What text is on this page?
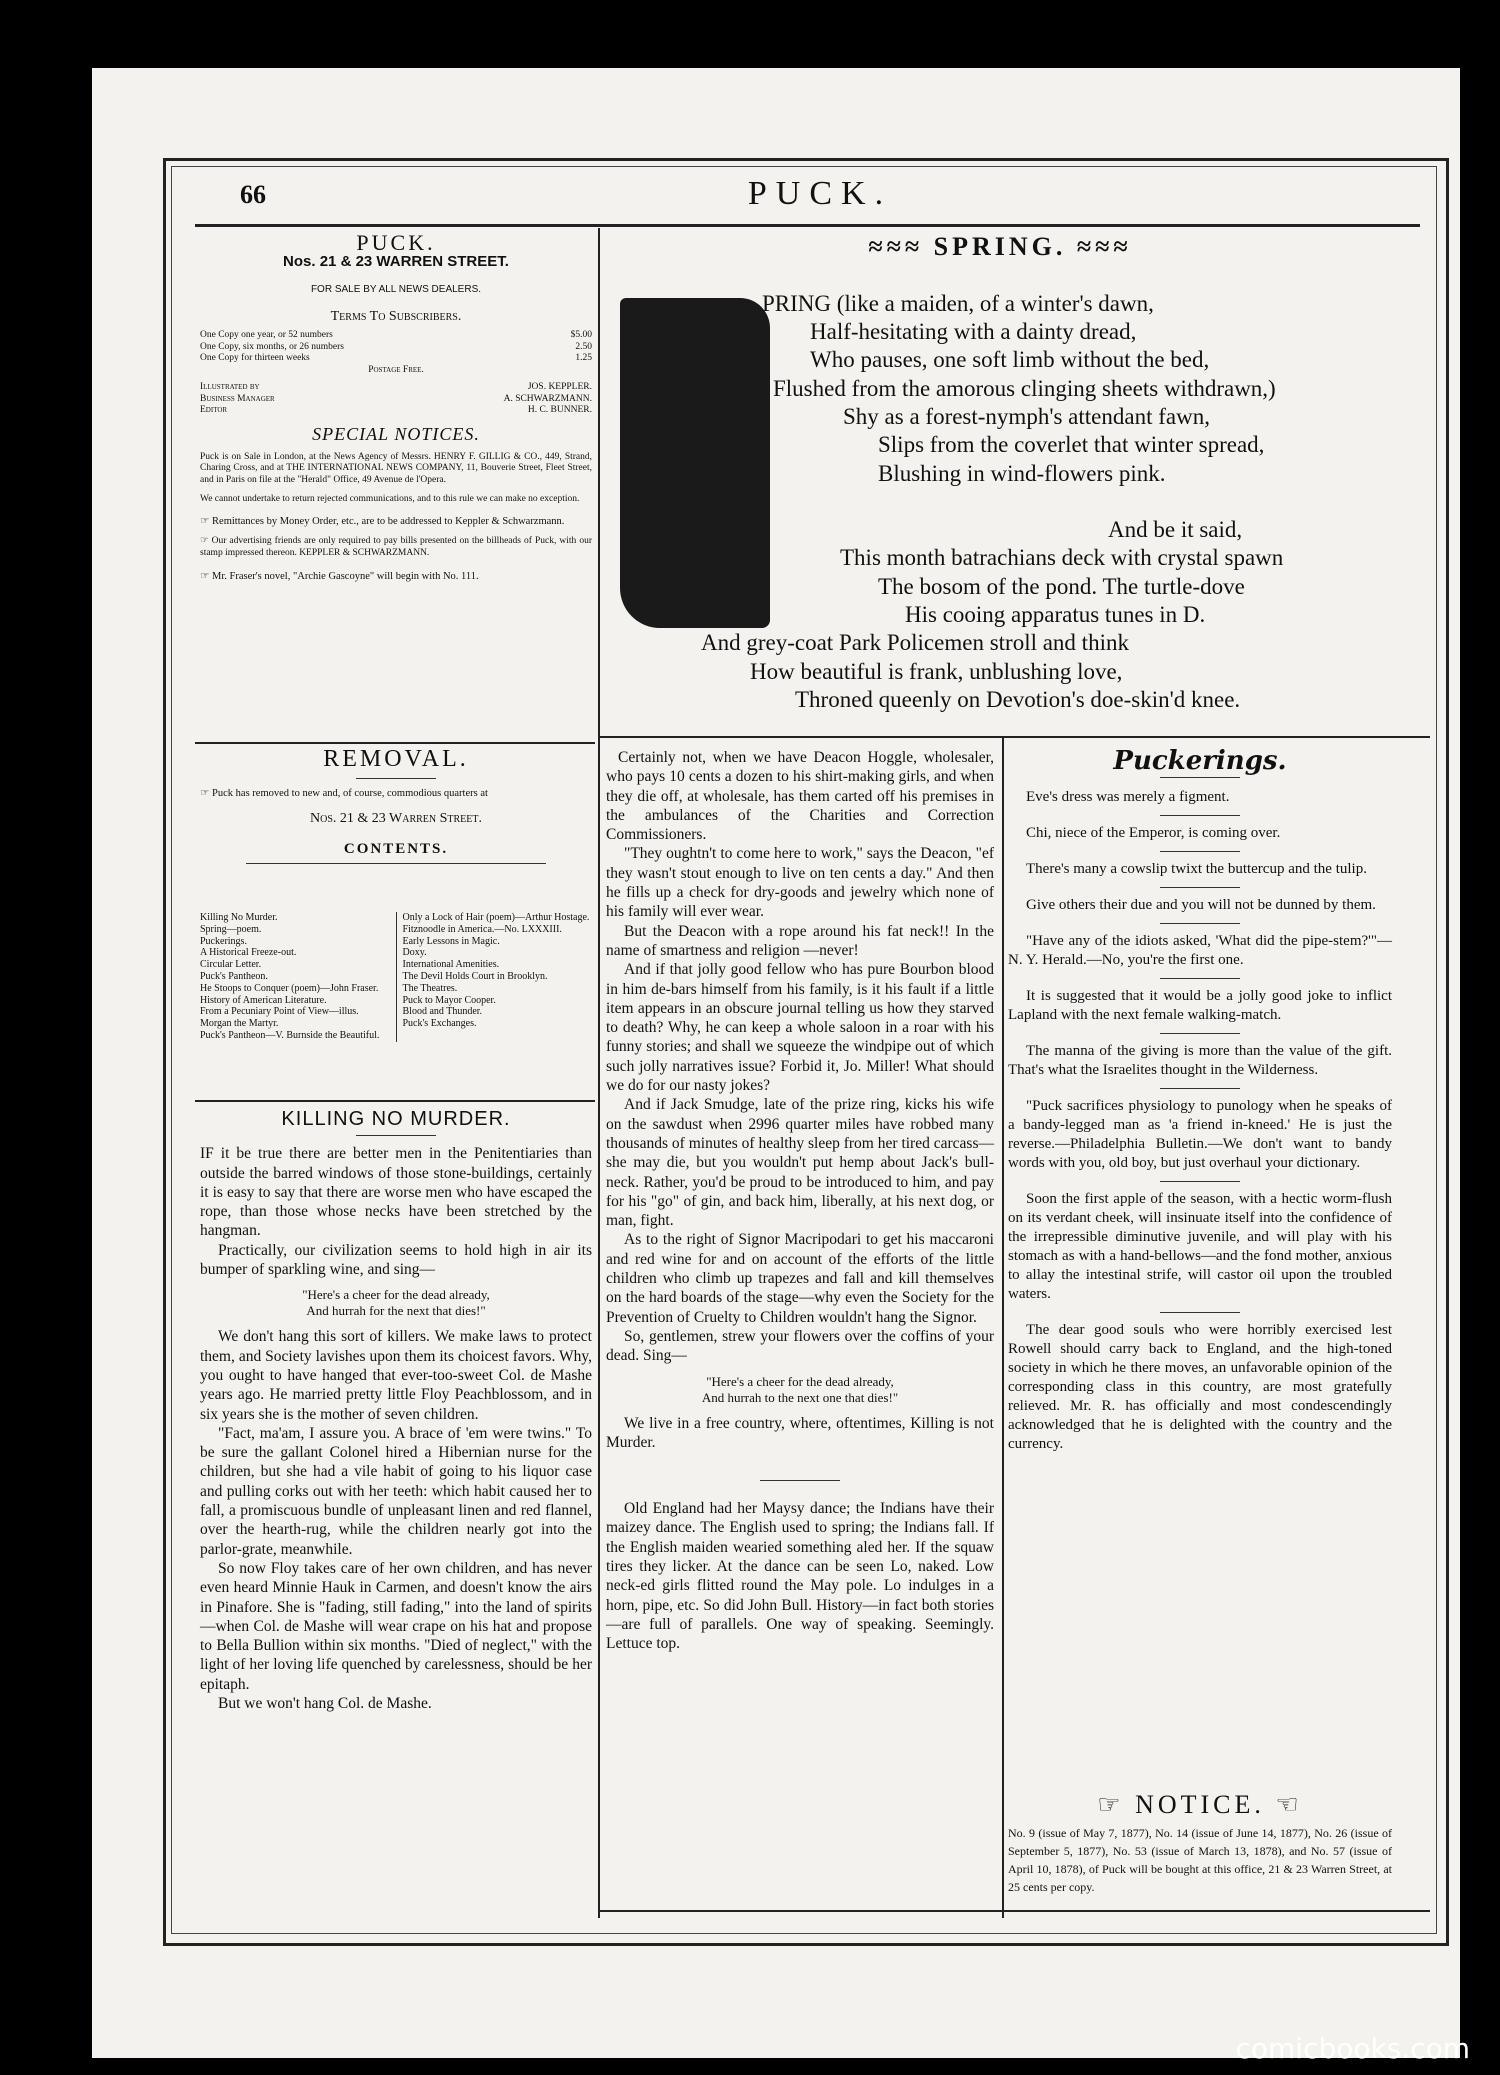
66	PUCK.
PUCK.
Nos. 21 & 23 WARREN STREET.
FOR SALE BY ALL NEWS DEALERS.
Terms To Subscribers.
One Copy one year, or 52 numbers	$5.00
One Copy, six months, or 26 numbers	2.50
One Copy for thirteen weeks	1.25
Postage Free.
Illustrated by	JOS. KEPPLER.
Business Manager	A. SCHWARZMANN.
Editor	H. C. BUNNER.
SPECIAL NOTICES.
Puck is on Sale in London, at the News Agency of Messrs. HENRY F. GILLIG & CO., 449, Strand, Charing Cross, and at THE INTERNATIONAL NEWS COMPANY, 11, Bouverie Street, Fleet Street, and in Paris on file at the "Herald" Office, 49 Avenue de l'Opera.
We cannot undertake to return rejected communications, and to this rule we can make no exception.
☞ Remittances by Money Order, etc., are to be addressed to Keppler & Schwarzmann.
☞ Our advertising friends are only required to pay bills presented on the billheads of Puck, with our stamp impressed thereon. KEPPLER & SCHWARZMANN.
☞ Mr. Fraser's novel, "Archie Gascoyne" will begin with No. 111.
REMOVAL.
☞ Puck has removed to new and, of course, commodious quarters at
Nos. 21 & 23 Warren Street.
CONTENTS.
Killing No Murder.
Spring—poem.
Puckerings.
A Historical Freeze-out.
Circular Letter.
Puck's Pantheon.
He Stoops to Conquer (poem)—John Fraser.
History of American Literature.
From a Pecuniary Point of View—illus.
Morgan the Martyr.
Puck's Pantheon—V. Burnside the Beautiful.
Only a Lock of Hair (poem)—Arthur Hostage.
Fitznoodle in America.—No. LXXXIII.
Early Lessons in Magic.
Doxy.
International Amenities.
The Devil Holds Court in Brooklyn.
The Theatres.
Puck to Mayor Cooper.
Blood and Thunder.
Puck's Exchanges.
KILLING NO MURDER.

IF it be true there are better men in the Penitentiaries than outside the barred windows of those stone-buildings, certainly it is easy to say that there are worse men who have escaped the rope, than those whose necks have been stretched by the hangman.

Practically, our civilization seems to hold high in air its bumper of sparkling wine, and sing—

"Here's a cheer for the dead already,
And hurrah for the next that dies!"

We don't hang this sort of killers. We make laws to protect them, and Society lavishes upon them its choicest favors. Why, you ought to have hanged that ever-too-sweet Col. de Mashe years ago. He married pretty little Floy Peachblossom, and in six years she is the mother of seven children.

"Fact, ma'am, I assure you. A brace of 'em were twins." To be sure the gallant Colonel hired a Hibernian nurse for the children, but she had a vile habit of going to his liquor case and pulling corks out with her teeth: which habit caused her to fall, a promiscuous bundle of unpleasant linen and red flannel, over the hearth-rug, while the children nearly got into the parlor-grate, meanwhile.

So now Floy takes care of her own children, and has never even heard Minnie Hauk in Carmen, and doesn't know the airs in Pinafore. She is "fading, still fading," into the land of spirits—when Col. de Mashe will wear crape on his hat and propose to Bella Bullion within six months. "Died of neglect," with the light of her loving life quenched by carelessness, should be her epitaph.

But we won't hang Col. de Mashe.

≈≈≈ SPRING. ≈≈≈
PRING (like a maiden, of a winter's dawn,
Half-hesitating with a dainty dread,
Who pauses, one soft limb without the bed,
Flushed from the amorous clinging sheets withdrawn,)
Shy as a forest-nymph's attendant fawn,
Slips from the coverlet that winter spread,
Blushing in wind-flowers pink.
And be it said,
This month batrachians deck with crystal spawn
The bosom of the pond. The turtle-dove
His cooing apparatus tunes in D.
And grey-coat Park Policemen stroll and think
How beautiful is frank, unblushing love,
Throned queenly on Devotion's doe-skin'd knee.

Certainly not, when we have Deacon Hoggle, wholesaler, who pays 10 cents a dozen to his shirt-making girls, and when they die off, at wholesale, has them carted off his premises in the ambulances of the Charities and Correction Commissioners.

"They oughtn't to come here to work," says the Deacon, "ef they wasn't stout enough to live on ten cents a day." And then he fills up a check for dry-goods and jewelry which none of his family will ever wear.

But the Deacon with a rope around his fat neck!! In the name of smartness and religion —never!

And if that jolly good fellow who has pure Bourbon blood in him de-bars himself from his family, is it his fault if a little item appears in an obscure journal telling us how they starved to death? Why, he can keep a whole saloon in a roar with his funny stories; and shall we squeeze the windpipe out of which such jolly narratives issue? Forbid it, Jo. Miller! What should we do for our nasty jokes?

And if Jack Smudge, late of the prize ring, kicks his wife on the sawdust when 2996 quarter miles have robbed many thousands of minutes of healthy sleep from her tired carcass—she may die, but you wouldn't put hemp about Jack's bull-neck. Rather, you'd be proud to be introduced to him, and pay for his "go" of gin, and back him, liberally, at his next dog, or man, fight.

As to the right of Signor Macripodari to get his maccaroni and red wine for and on account of the efforts of the little children who climb up trapezes and fall and kill themselves on the hard boards of the stage—why even the Society for the Prevention of Cruelty to Children wouldn't hang the Signor.

So, gentlemen, strew your flowers over the coffins of your dead. Sing—

"Here's a cheer for the dead already,
And hurrah to the next one that dies!"

We live in a free country, where, oftentimes, Killing is not Murder.

Old England had her Maysy dance; the Indians have their maizey dance. The English used to spring; the Indians fall. If the English maiden wearied something aled her. If the squaw tires they licker. At the dance can be seen Lo, naked. Low neck-ed girls flitted round the May pole. Lo indulges in a horn, pipe, etc. So did John Bull. History—in fact both stories—are full of parallels. One way of speaking. Seemingly. Lettuce top.

Puckerings.

Eve's dress was merely a figment.

Chi, niece of the Emperor, is coming over.

There's many a cowslip twixt the buttercup and the tulip.

Give others their due and you will not be dunned by them.

"Have any of the idiots asked, 'What did the pipe-stem?'"—N. Y. Herald.—No, you're the first one.

It is suggested that it would be a jolly good joke to inflict Lapland with the next female walking-match.

The manna of the giving is more than the value of the gift. That's what the Israelites thought in the Wilderness.

"Puck sacrifices physiology to punology when he speaks of a bandy-legged man as 'a friend in-kneed.' He is just the reverse.—Philadelphia Bulletin.—We don't want to bandy words with you, old boy, but just overhaul your dictionary.

Soon the first apple of the season, with a hectic worm-flush on its verdant cheek, will insinuate itself into the confidence of the irrepressible diminutive juvenile, and will play with his stomach as with a hand-bellows—and the fond mother, anxious to allay the intestinal strife, will castor oil upon the troubled waters.

The dear good souls who were horribly exercised lest Rowell should carry back to England, and the high-toned society in which he there moves, an unfavorable opinion of the corresponding class in this country, are most gratefully relieved. Mr. R. has officially and most condescendingly acknowledged that he is delighted with the country and the currency.

☞ NOTICE. ☜
No. 9 (issue of May 7, 1877), No. 14 (issue of June 14, 1877), No. 26 (issue of September 5, 1877), No. 53 (issue of March 13, 1878), and No. 57 (issue of April 10, 1878), of Puck will be bought at this office, 21 & 23 Warren Street, at 25 cents per copy.
comicbooks.com
